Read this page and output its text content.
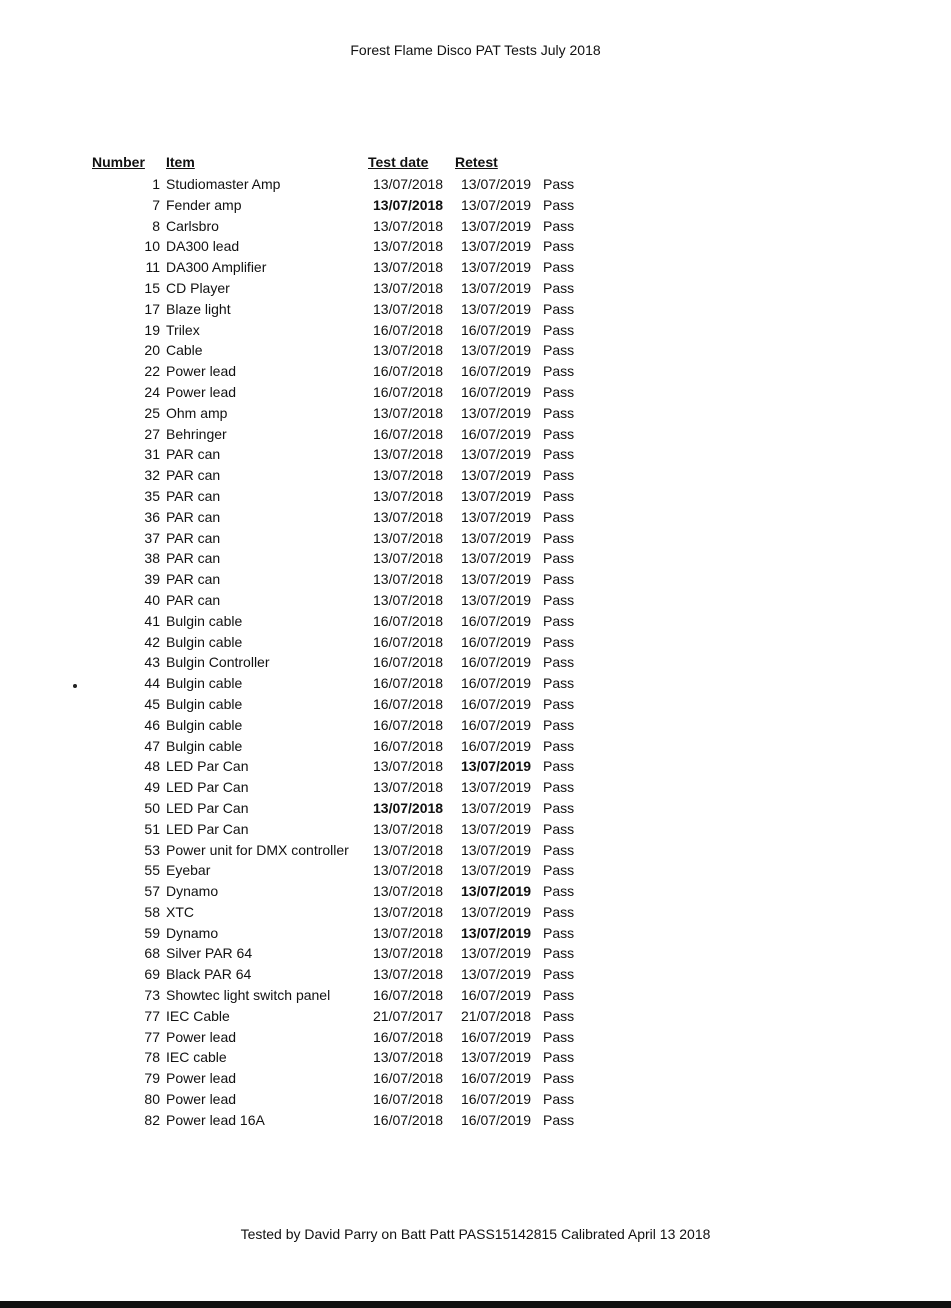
Forest Flame Disco PAT Tests July 2018
Number Item	Test date Retest
1 Studiomaster Amp	13/07/2018 13/07/2019 Pass
7 Fender amp	13/07/2018 13/07/2019 Pass
8 Carlsbro	13/07/2018 13/07/2019 Pass
10 DA300 lead	13/07/2018 13/07/2019 Pass
11 DA300 Amplifier	13/07/2018 13/07/2019 Pass
15 CD Player	13/07/2018 13/07/2019 Pass
17 Blaze light	13/07/2018 13/07/2019 Pass
19 Trilex	16/07/2018 16/07/2019 Pass
20 Cable	13/07/2018 13/07/2019 Pass
22 Power lead	16/07/2018 16/07/2019 Pass
24 Power lead	16/07/2018 16/07/2019 Pass
25 Ohm amp	13/07/2018 13/07/2019 Pass
27 Behringer	16/07/2018 16/07/2019 Pass
31 PAR can	13/07/2018 13/07/2019 Pass
32 PAR can	13/07/2018 13/07/2019 Pass
35 PAR can	13/07/2018 13/07/2019 Pass
36 PAR can	13/07/2018 13/07/2019 Pass
37 PAR can	13/07/2018 13/07/2019 Pass
38 PAR can	13/07/2018 13/07/2019 Pass
39 PAR can	13/07/2018 13/07/2019 Pass
40 PAR can	13/07/2018 13/07/2019 Pass
41 Bulgin cable	16/07/2018 16/07/2019 Pass
42 Bulgin cable	16/07/2018 16/07/2019 Pass
43 Bulgin Controller	16/07/2018 16/07/2019 Pass
44 Bulgin cable	16/07/2018 16/07/2019 Pass
45 Bulgin cable	16/07/2018 16/07/2019 Pass
46 Bulgin cable	16/07/2018 16/07/2019 Pass
47 Bulgin cable	16/07/2018 16/07/2019 Pass
48 LED Par Can	13/07/2018 13/07/2019 Pass
49 LED Par Can	13/07/2018 13/07/2019 Pass
50 LED Par Can	13/07/2018 13/07/2019 Pass
51 LED Par Can	13/07/2018 13/07/2019 Pass
53 Power unit for DMX controller 13/07/2018 13/07/2019 Pass
55 Eyebar	13/07/2018 13/07/2019 Pass
57 Dynamo	13/07/2018 13/07/2019 Pass
58 XTC	13/07/2018 13/07/2019 Pass
59 Dynamo	13/07/2018 13/07/2019 Pass
68 Silver PAR 64	13/07/2018 13/07/2019 Pass
69 Black PAR 64	13/07/2018 13/07/2019 Pass
73 Showtec light switch panel	16/07/2018 16/07/2019 Pass
77 IEC Cable	21/07/2017 21/07/2018 Pass
77 Power lead	16/07/2018 16/07/2019 Pass
78 IEC cable	13/07/2018 13/07/2019 Pass
79 Power lead	16/07/2018 16/07/2019 Pass
80 Power lead	16/07/2018 16/07/2019 Pass
82 Power lead 16A	16/07/2018 16/07/2019 Pass
Tested by David Parry on Batt Patt PASS15142815 Calibrated April 13 2018
